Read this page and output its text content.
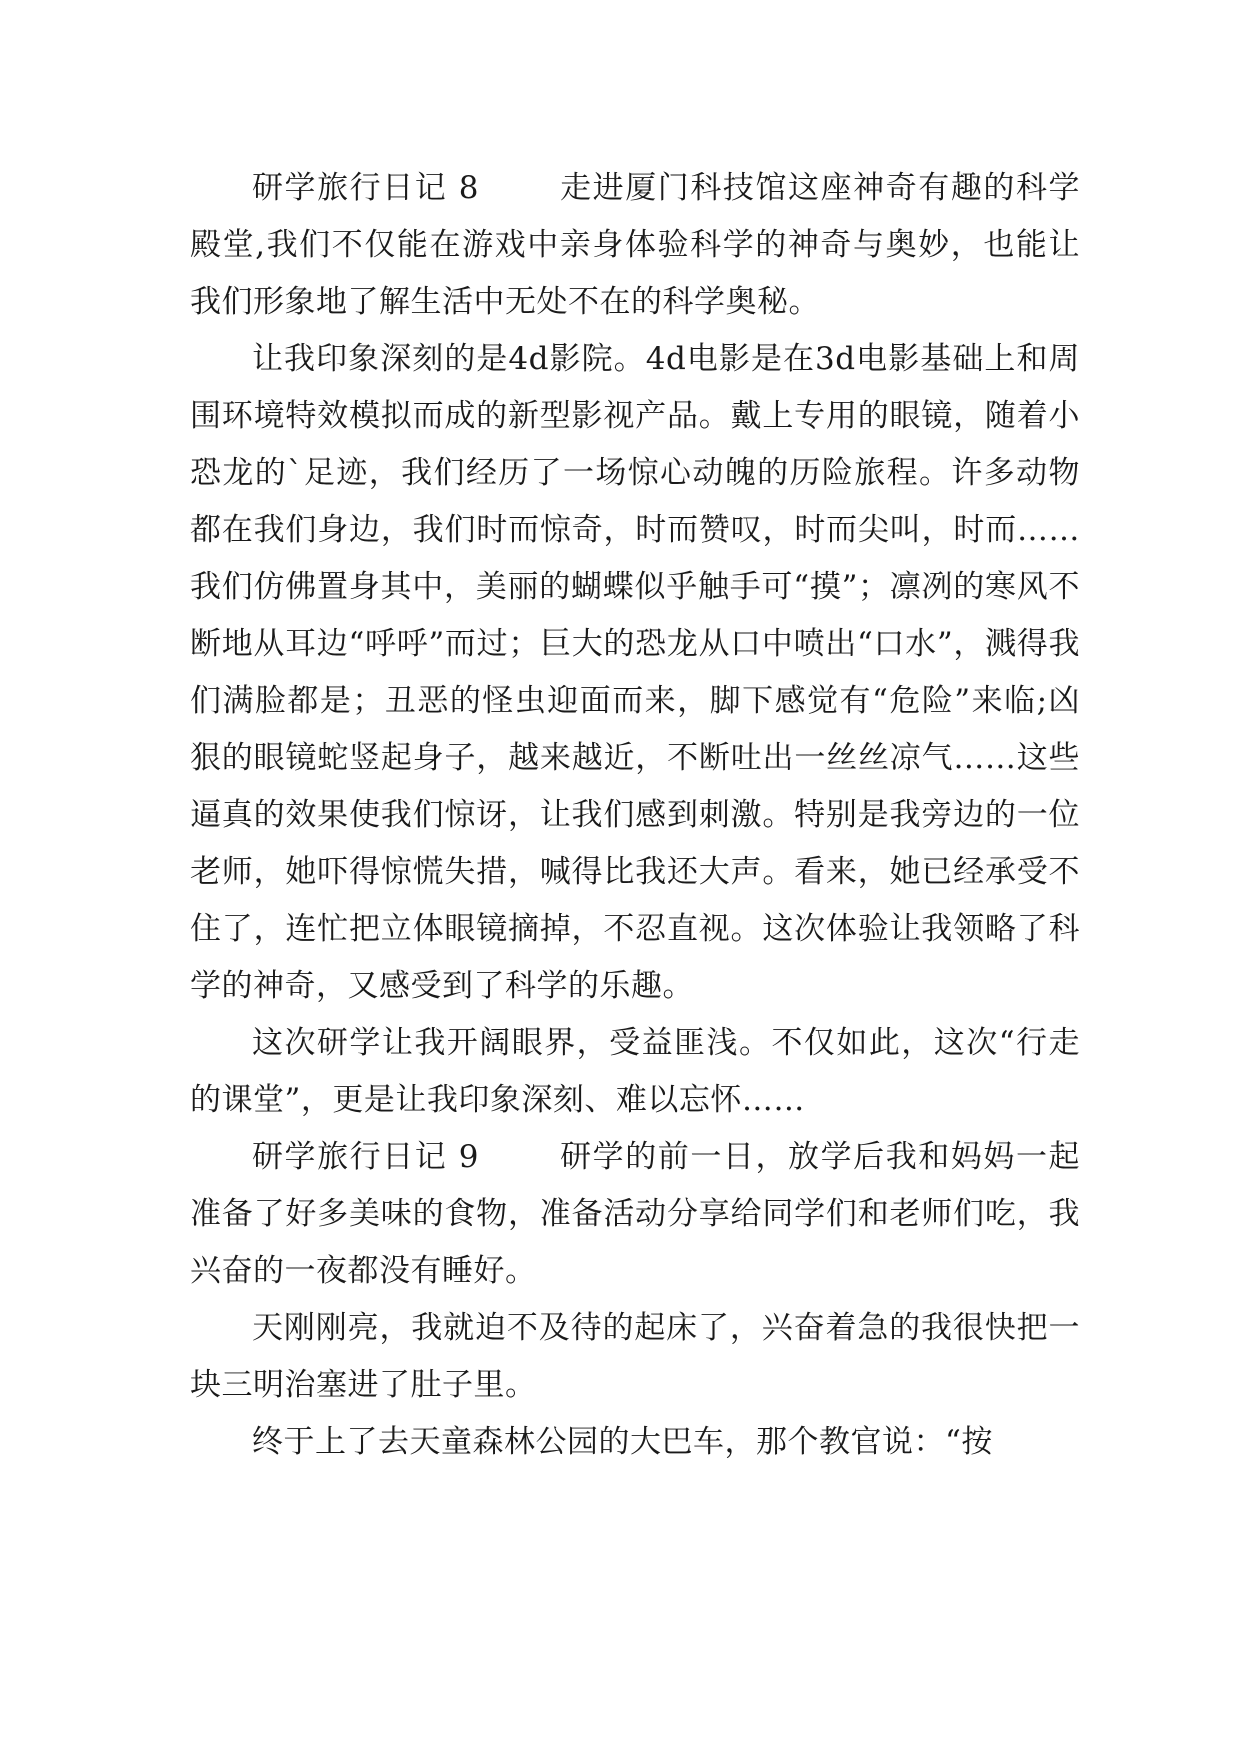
研学旅行日记 8	走进厦门科技馆这座神奇有趣的科学殿堂,我们不仅能在游戏中亲身体验科学的神奇与奥妙，也能让我们形象地了解生活中无处不在的科学奥秘。

让我印象深刻的是4d影院。4d电影是在3d电影基础上和周围环境特效模拟而成的新型影视产品。戴上专用的眼镜，随着小恐龙的`足迹，我们经历了一场惊心动魄的历险旅程。许多动物都在我们身边，我们时而惊奇，时而赞叹，时而尖叫，时而……我们仿佛置身其中，美丽的蝴蝶似乎触手可“摸”；凛冽的寒风不断地从耳边“呼呼”而过；巨大的恐龙从口中喷出“口水”，溅得我们满脸都是；丑恶的怪虫迎面而来，脚下感觉有“危险”来临;凶狠的眼镜蛇竖起身子，越来越近，不断吐出一丝丝凉气……这些逼真的效果使我们惊讶，让我们感到刺激。特别是我旁边的一位老师，她吓得惊慌失措，喊得比我还大声。看来，她已经承受不住了，连忙把立体眼镜摘掉，不忍直视。这次体验让我领略了科学的神奇，又感受到了科学的乐趣。

这次研学让我开阔眼界，受益匪浅。不仅如此，这次“行走的课堂”，更是让我印象深刻、难以忘怀……

研学旅行日记 9	研学的前一日，放学后我和妈妈一起准备了好多美味的食物，准备活动分享给同学们和老师们吃，我兴奋的一夜都没有睡好。

天刚刚亮，我就迫不及待的起床了，兴奋着急的我很快把一块三明治塞进了肚子里。

终于上了去天童森林公园的大巴车，那个教官说：“按
